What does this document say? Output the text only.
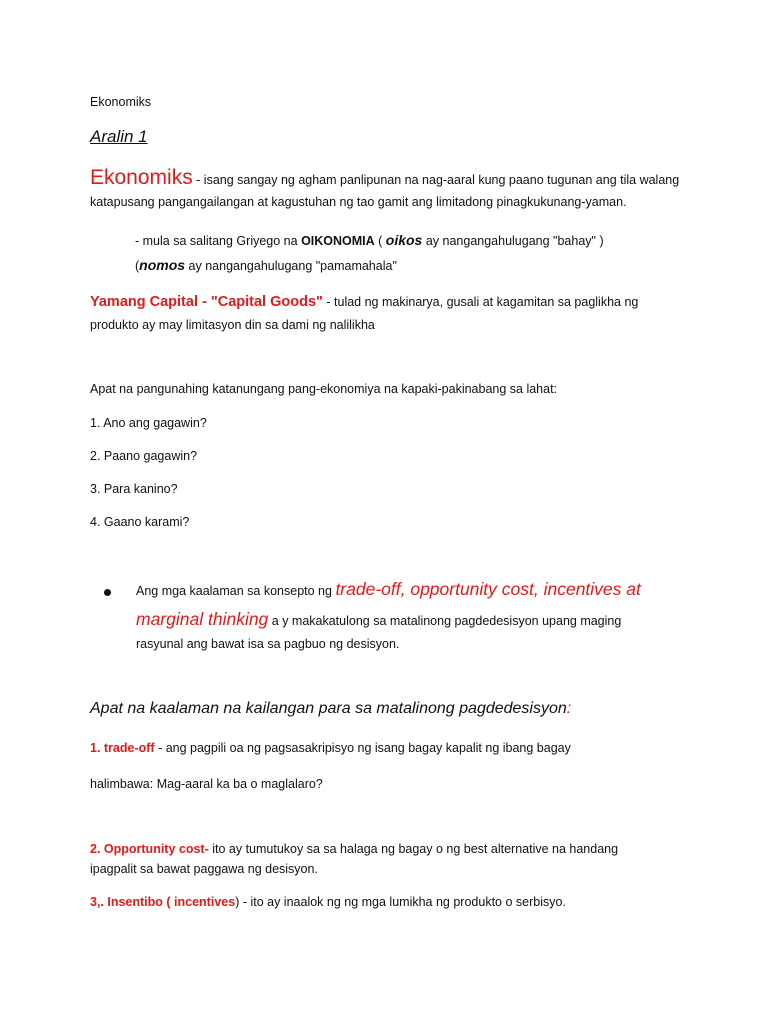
Ekonomiks
Aralin 1
Ekonomiks - isang sangay ng agham panlipunan na nag-aaral kung paano tugunan ang tila walang
katapusang pangangailangan at kagustuhan ng tao gamit ang limitadong pinagkukunang-yaman.
- mula sa salitang Griyego na OIKONOMIA ( oikos ay nangangahulugang "bahay" )
(nomos ay nangangahulugang "pamamahala"
Yamang Capital - "Capital Goods" - tulad ng makinarya, gusali at kagamitan sa paglikha ng
produkto ay may limitasyon din sa dami ng nalilikha
Apat na pangunahing katanungang pang-ekonomiya na kapaki-pakinabang sa lahat:
1. Ano ang gagawin?
2. Paano gagawin?
3. Para kanino?
4. Gaano karami?
Ang mga kaalaman sa konsepto ng trade-off, opportunity cost, incentives at
marginal thinking a y makakatulong sa matalinong pagdedesisyon upang maging
rasyunal ang bawat isa sa pagbuo ng desisyon.
Apat na kaalaman na kailangan para sa matalinong pagdedesisyon:
1. trade-off - ang pagpili oa ng pagsasakripisyo ng isang bagay kapalit ng ibang bagay
halimbawa: Mag-aaral ka ba o maglalaro?
2. Opportunity cost- ito ay tumutukoy sa sa halaga ng bagay o ng best alternative na handang
ipagpalit sa bawat paggawa ng desisyon.
3,. Insentibo ( incentives) - ito ay inaalok ng ng mga lumikha ng produkto o serbisyo.
